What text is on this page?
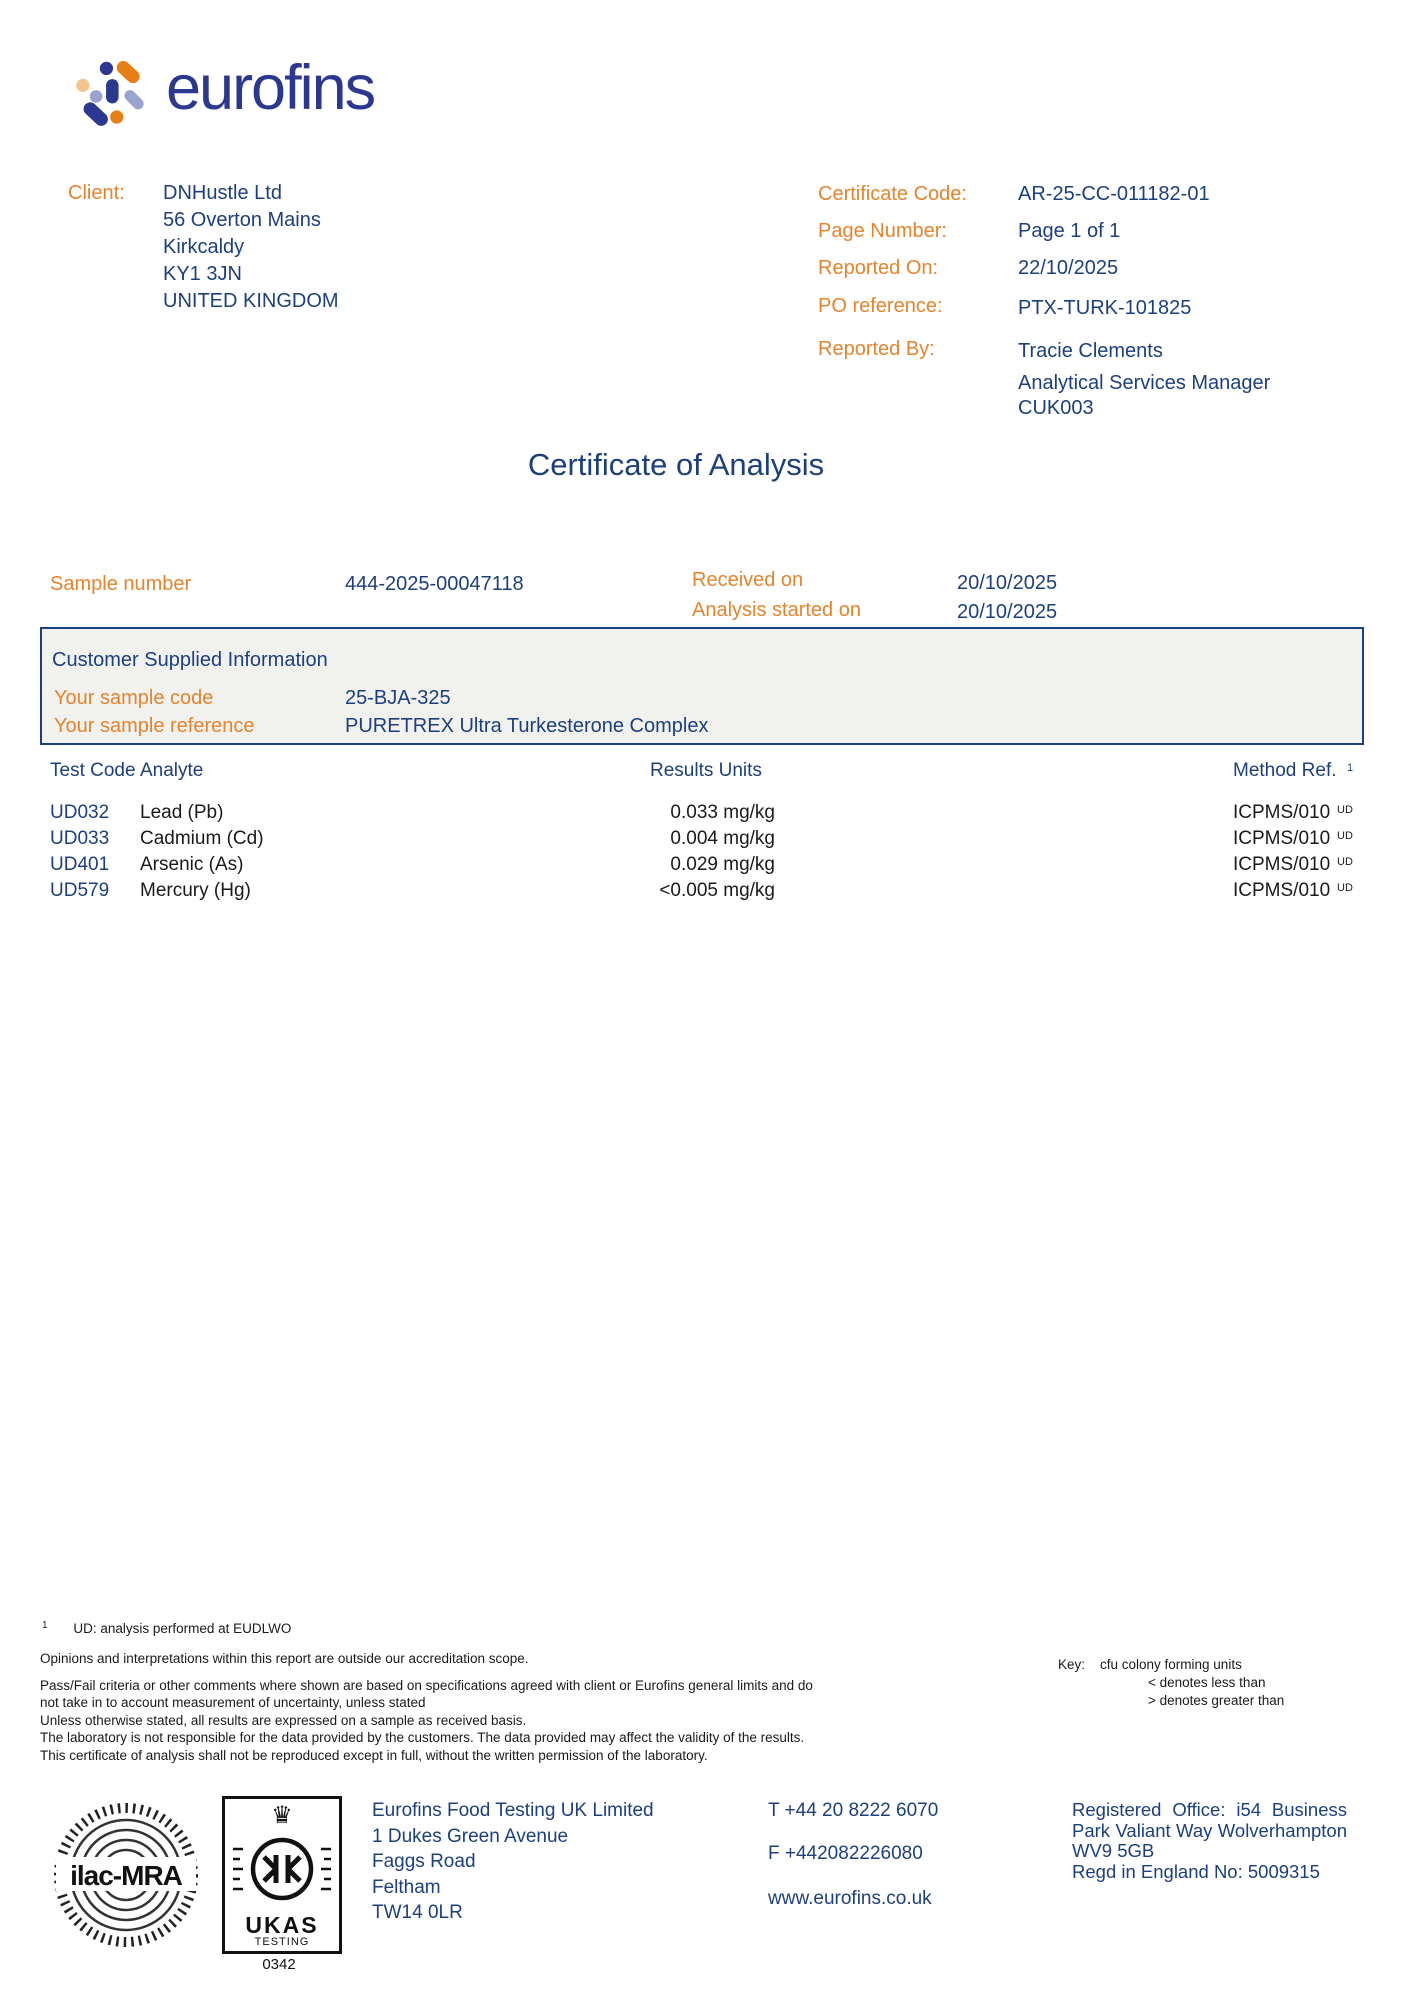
eurofins
Client: DNHustle Ltd
56 Overton Mains
Kirkcaldy
KY1 3JN
UNITED KINGDOM
Certificate Code:	AR-25-CC-011182-01
Page Number:	Page 1 of 1
Reported On:	22/10/2025
PO reference:	PTX-TURK-101825
Reported By:	Tracie Clements
Analytical Services Manager
CUK003
Certificate of Analysis
Sample number	444-2025-00047118	Received on	20/10/2025
Analysis started on	20/10/2025
Customer Supplied Information
Your sample code	25-BJA-325
Your sample reference	PURETREX Ultra Turkesterone Complex
Test Code Analyte	Results Units	Method Ref. 1
UD032 Lead (Pb)	0.033 mg/kg	ICPMS/010 UD
UD033 Cadmium (Cd)	0.004 mg/kg	ICPMS/010 UD
UD401 Arsenic (As)	0.029 mg/kg	ICPMS/010 UD
UD579 Mercury (Hg)	<0.005 mg/kg	ICPMS/010 UD
$^1$ UD: analysis performed at EUDLWO
Opinions and interpretations within this report are outside our accreditation scope.
Pass/Fail criteria or other comments where shown are based on specifications agreed with client or Eurofins general limits and do not take in to account measurement of uncertainty, unless stated
Unless otherwise stated, all results are expressed on a sample as received basis.
The laboratory is not responsible for the data provided by the customers. The data provided may affect the validity of the results.
This certificate of analysis shall not be reproduced except in full, without the written permission of the laboratory.
Key: cfu colony forming units
< denotes less than
> denotes greater than
ilac-MRA
♛
UKAS
TESTING
0342
Eurofins Food Testing UK Limited
1 Dukes Green Avenue
Faggs Road
Feltham
TW14 0LR
T +44 20 8222 6070
F +442082226080
www.eurofins.co.uk
Registered Office: i54 Business Park Valiant Way Wolverhampton WV9 5GB
Regd in England No: 5009315
